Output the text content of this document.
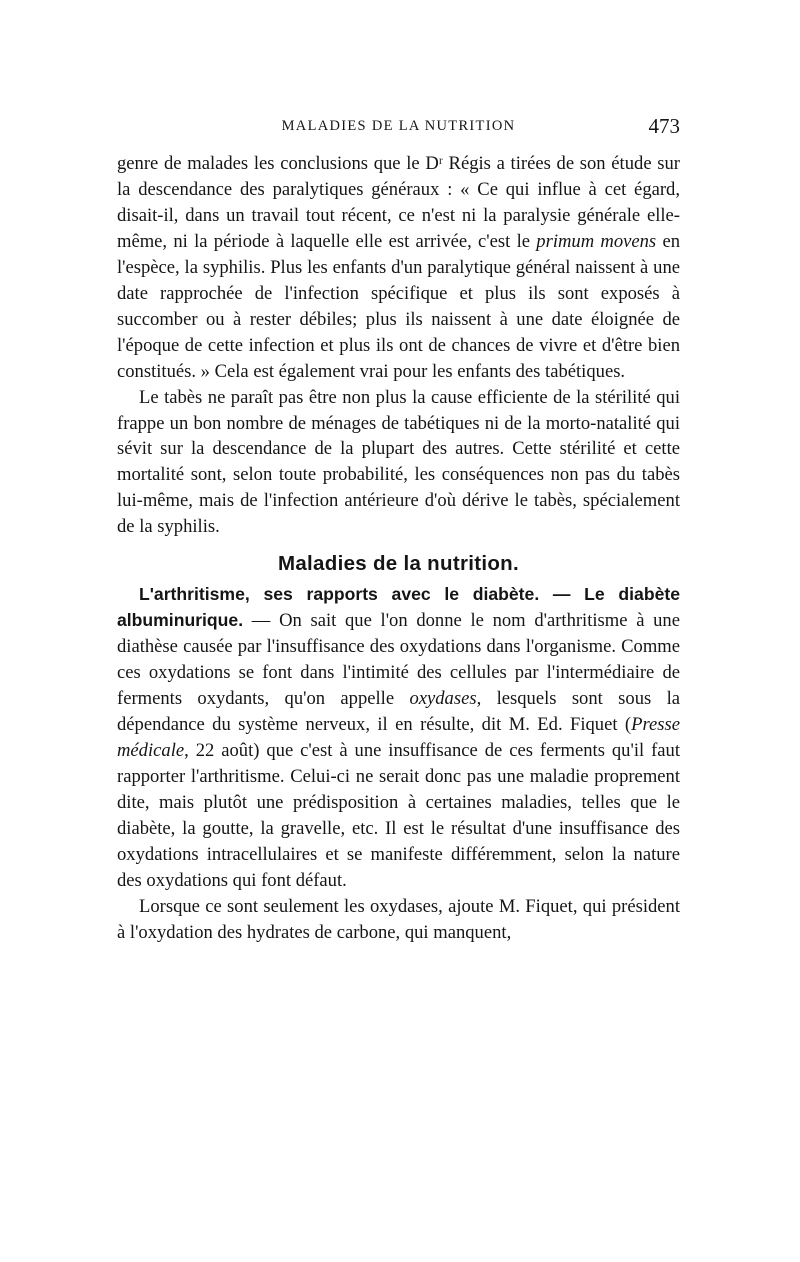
MALADIES DE LA NUTRITION	473

genre de malades les conclusions que le Dʳ Régis a tirées de son étude sur la descendance des paralytiques généraux : « Ce qui influe à cet égard, disait-il, dans un travail tout récent, ce n'est ni la paralysie générale elle-même, ni la période à laquelle elle est arrivée, c'est le primum movens en l'espèce, la syphilis. Plus les enfants d'un paralytique général naissent à une date rapprochée de l'infection spécifique et plus ils sont exposés à succomber ou à rester débiles; plus ils naissent à une date éloignée de l'époque de cette infection et plus ils ont de chances de vivre et d'être bien constitués. » Cela est également vrai pour les enfants des tabétiques.

Le tabès ne paraît pas être non plus la cause efficiente de la stérilité qui frappe un bon nombre de ménages de tabétiques ni de la morto-natalité qui sévit sur la descendance de la plupart des autres. Cette stérilité et cette mortalité sont, selon toute probabilité, les conséquences non pas du tabès lui-même, mais de l'infection antérieure d'où dérive le tabès, spécialement de la syphilis.

Maladies de la nutrition.

L'arthritisme, ses rapports avec le diabète. — Le diabète albuminurique. — On sait que l'on donne le nom d'arthritisme à une diathèse causée par l'insuffisance des oxydations dans l'organisme. Comme ces oxydations se font dans l'intimité des cellules par l'intermédiaire de ferments oxydants, qu'on appelle oxydases, lesquels sont sous la dépendance du système nerveux, il en résulte, dit M. Ed. Fiquet (Presse médicale, 22 août) que c'est à une insuffisance de ces ferments qu'il faut rapporter l'arthritisme. Celui-ci ne serait donc pas une maladie proprement dite, mais plutôt une prédisposition à certaines maladies, telles que le diabète, la goutte, la gravelle, etc. Il est le résultat d'une insuffisance des oxydations intracellulaires et se manifeste différemment, selon la nature des oxydations qui font défaut.

Lorsque ce sont seulement les oxydases, ajoute M. Fiquet, qui président à l'oxydation des hydrates de carbone, qui manquent,
